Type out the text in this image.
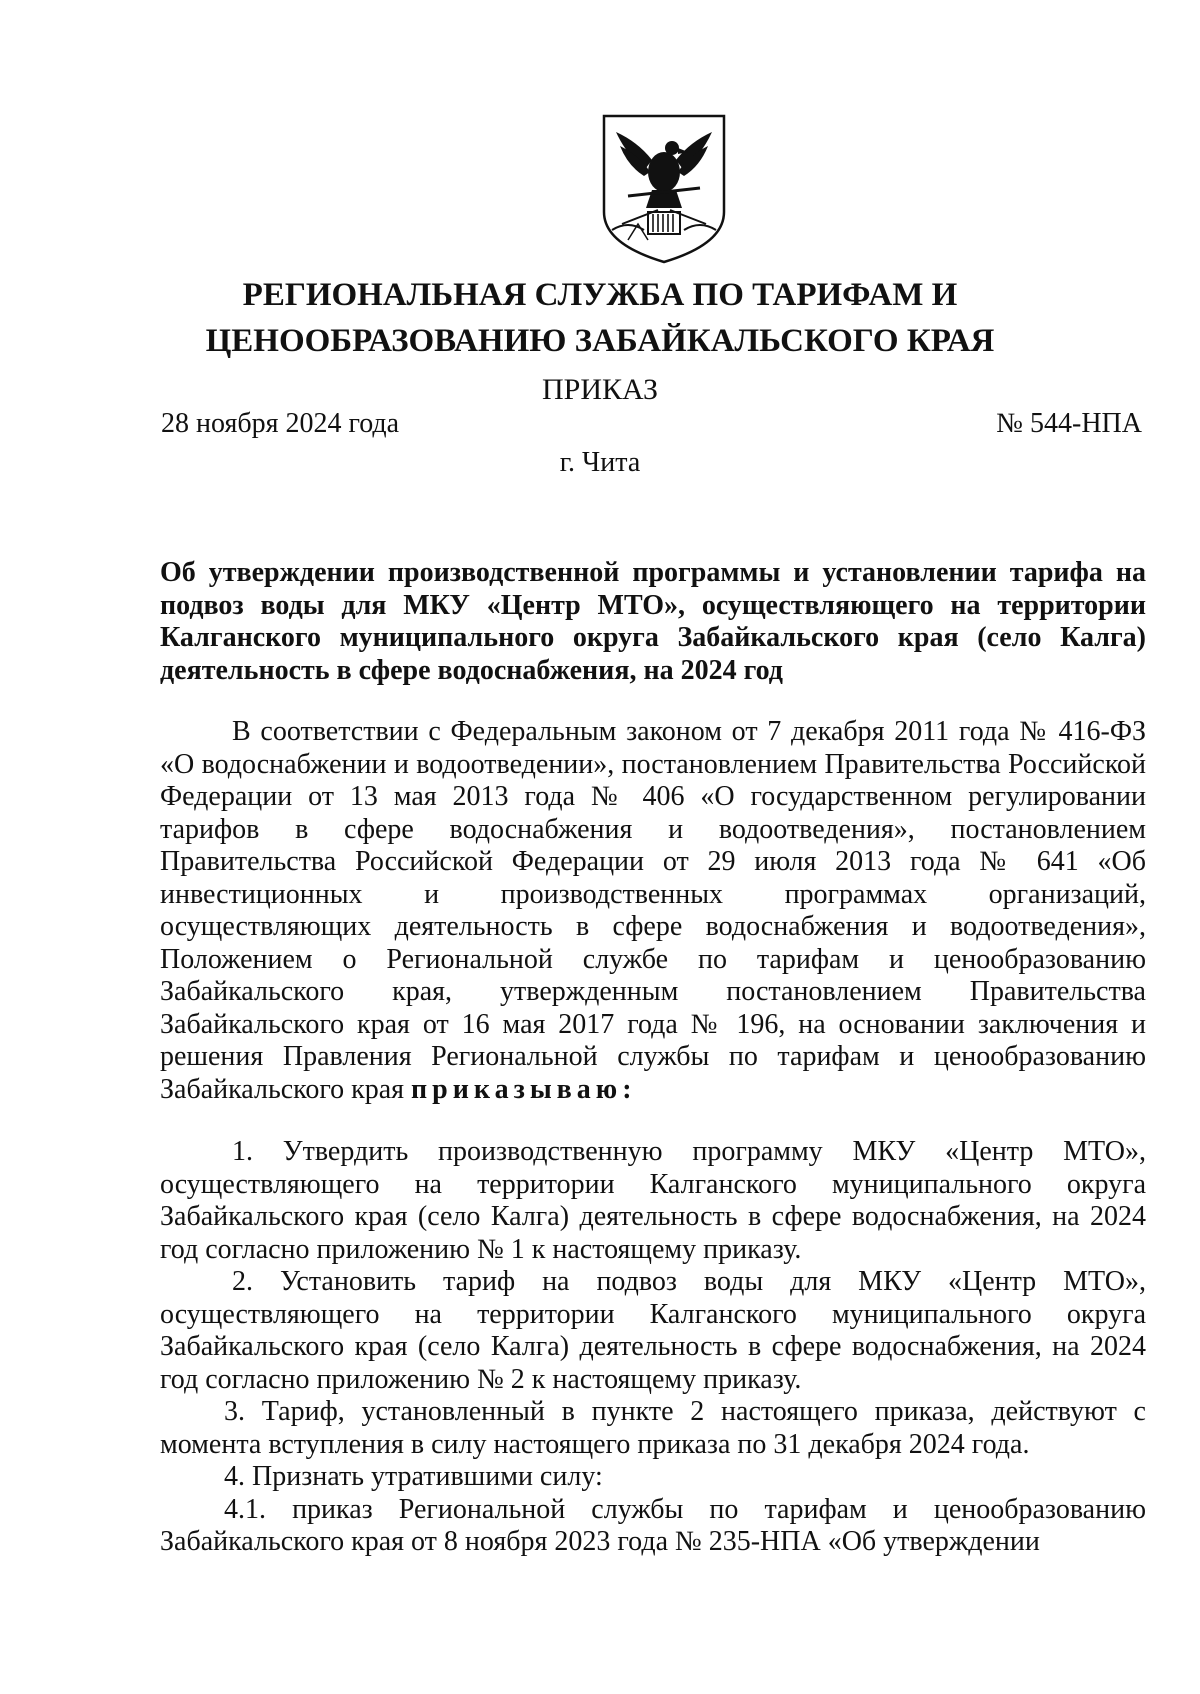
РЕГИОНАЛЬНАЯ СЛУЖБА ПО ТАРИФАМ И
ЦЕНООБРАЗОВАНИЮ ЗАБАЙКАЛЬСКОГО КРАЯ
ПРИКАЗ
28 ноября 2024 года	№ 544-НПА
г. Чита
Об утверждении производственной программы и установлении тарифа на подвоз воды для МКУ «Центр МТО», осуществляющего на территории Калганского муниципального округа Забайкальского края (село Калга) деятельность в сфере водоснабжения, на 2024 год

В соответствии с Федеральным законом от 7 декабря 2011 года № 416-ФЗ «О водоснабжении и водоотведении», постановлением Правительства Российской Федерации от 13 мая 2013 года № 406 «О государственном регулировании тарифов в сфере водоснабжения и водоотведения», постановлением Правительства Российской Федерации от 29 июля 2013 года № 641 «Об инвестиционных и производственных программах организаций, осуществляющих деятельность в сфере водоснабжения и водоотведения», Положением о Региональной службе по тарифам и ценообразованию Забайкальского края, утвержденным постановлением Правительства Забайкальского края от 16 мая 2017 года № 196, на основании заключения и решения Правления Региональной службы по тарифам и ценообразованию Забайкальского края приказываю:

1. Утвердить производственную программу МКУ «Центр МТО», осуществляющего на территории Калганского муниципального округа Забайкальского края (село Калга) деятельность в сфере водоснабжения, на 2024 год согласно приложению № 1 к настоящему приказу.

2. Установить тариф на подвоз воды для МКУ «Центр МТО», осуществляющего на территории Калганского муниципального округа Забайкальского края (село Калга) деятельность в сфере водоснабжения, на 2024 год согласно приложению № 2 к настоящему приказу.

3. Тариф, установленный в пункте 2 настоящего приказа, действуют с момента вступления в силу настоящего приказа по 31 декабря 2024 года.

4. Признать утратившими силу:

4.1. приказ Региональной службы по тарифам и ценообразованию Забайкальского края от 8 ноября 2023 года № 235-НПА «Об утверждении
